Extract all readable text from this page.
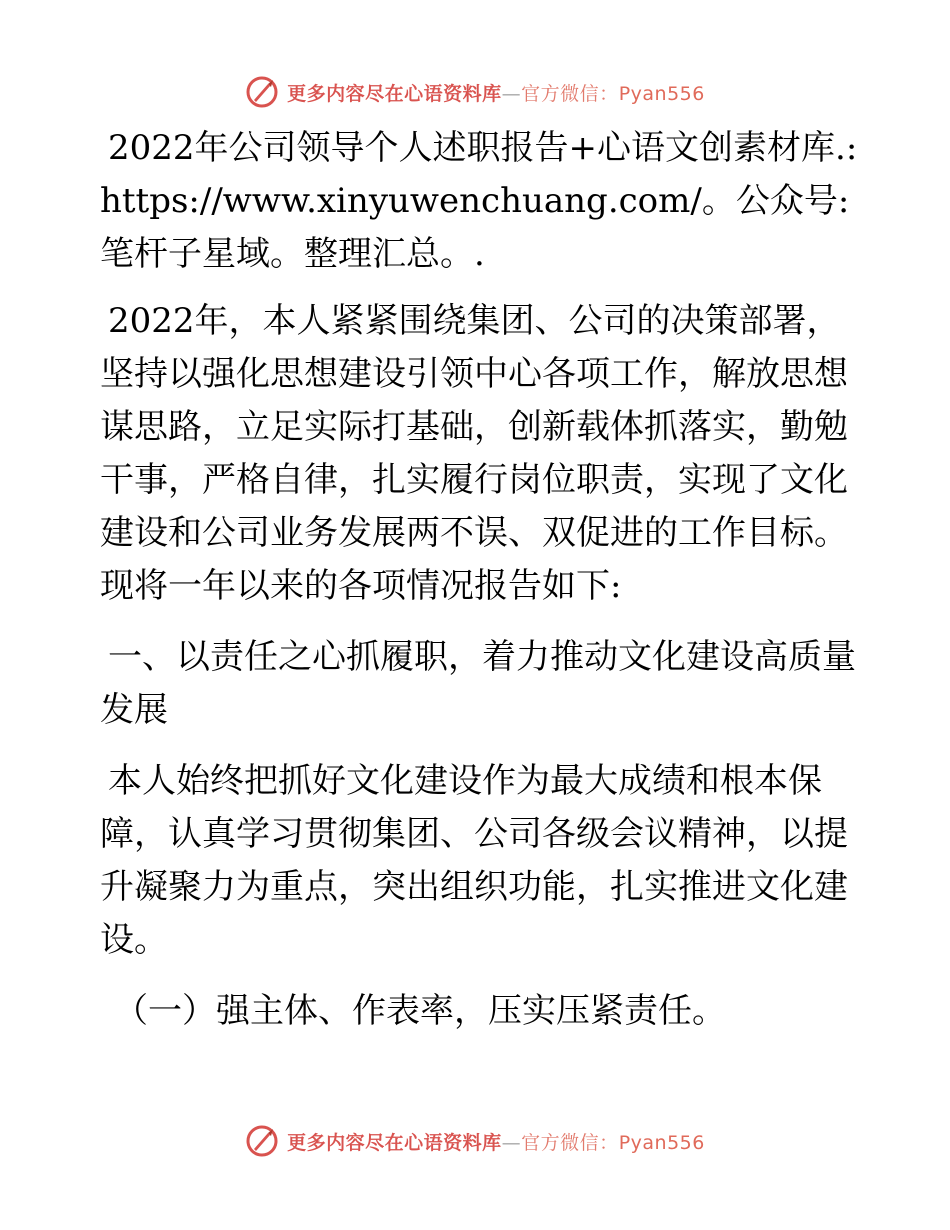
更多内容尽在心语资料库—官方微信：Pyan556

2022年公司领导个人述职报告+心语文创素材库.: https://www.xinyuwenchuang.com/。公众号: 笔杆子星域。整理汇总。.

2022年，本人紧紧围绕集团、公司的决策部署，坚持以强化思想建设引领中心各项工作，解放思想谋思路，立足实际打基础，创新载体抓落实，勤勉干事，严格自律，扎实履行岗位职责，实现了文化建设和公司业务发展两不误、双促进的工作目标。现将一年以来的各项情况报告如下:

一、以责任之心抓履职，着力推动文化建设高质量发展

本人始终把抓好文化建设作为最大成绩和根本保障，认真学习贯彻集团、公司各级会议精神，以提升凝聚力为重点，突出组织功能，扎实推进文化建设。

（一）强主体、作表率，压实压紧责任。

更多内容尽在心语资料库—官方微信：Pyan556
